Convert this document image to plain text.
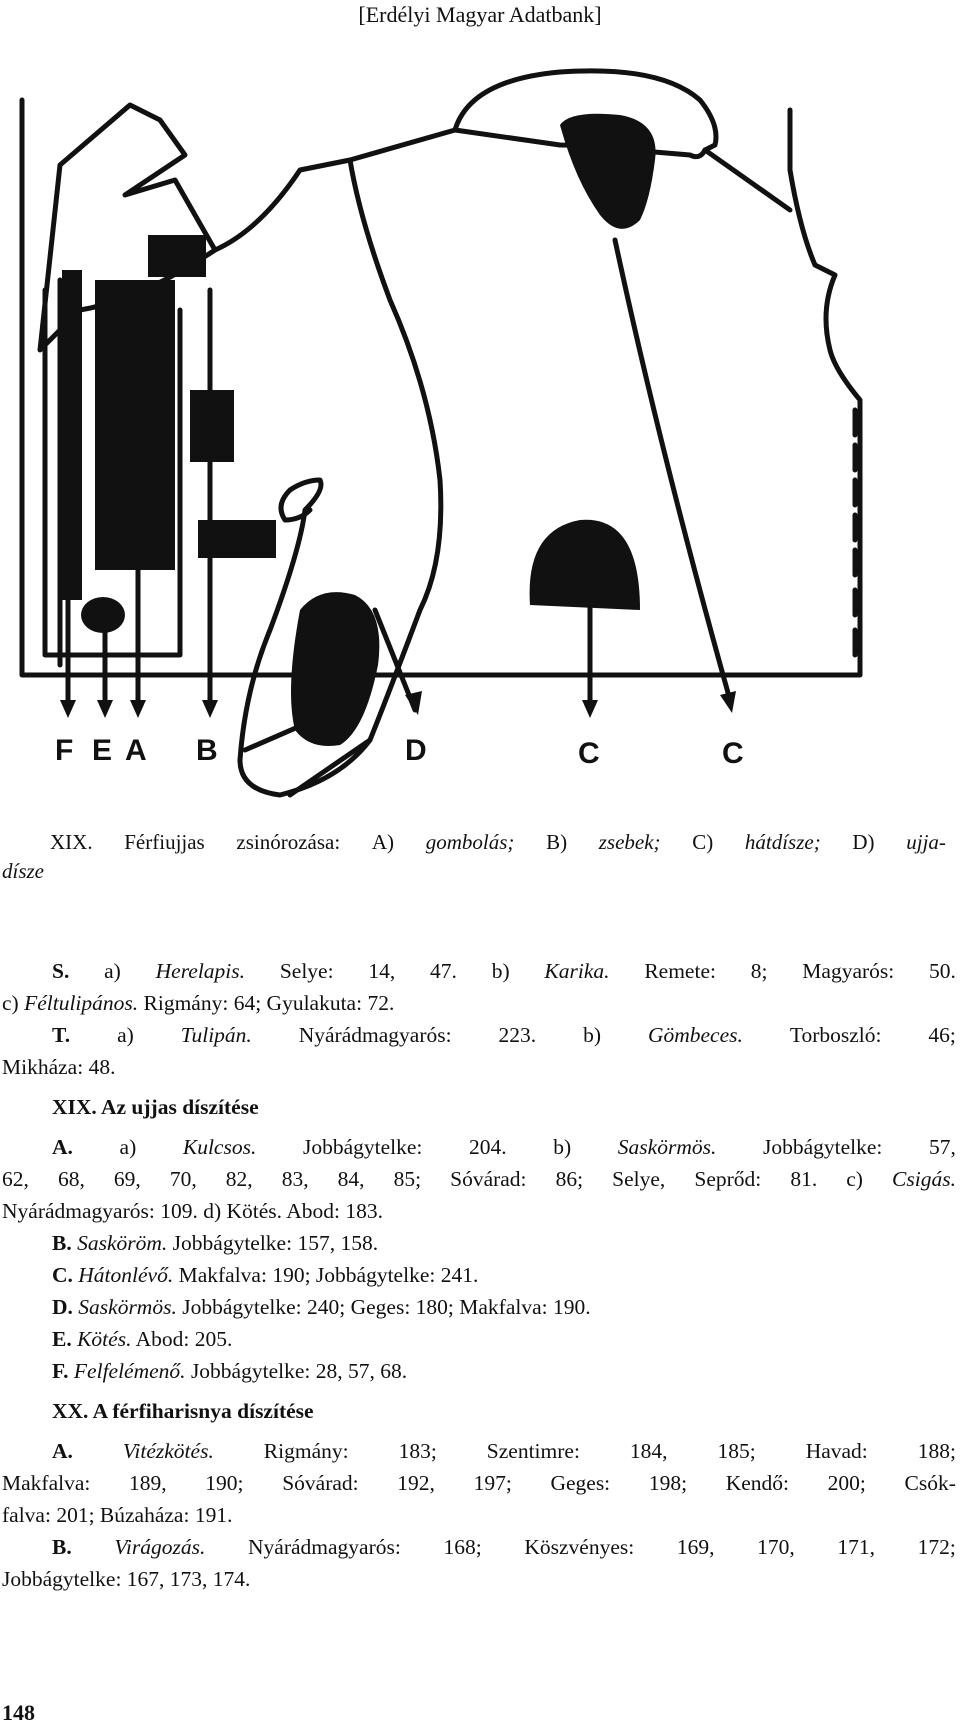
[Erdélyi Magyar Adatbank]
F E A B	D	C	C
XIX. Férfiujjas zsinórozása: A) gombolás; B) zsebek; C) hátdísze; D) ujja-
dísze
S. a) Herelapis. Selye: 14, 47. b) Karika. Remete: 8; Magyarós: 50.
c) Féltulipános. Rigmány: 64; Gyulakuta: 72.
T. a) Tulipán. Nyárádmagyarós: 223. b) Gömbeces. Torboszló: 46;
Mikháza: 48.
XIX. Az ujjas díszítése
A. a) Kulcsos. Jobbágytelke: 204. b) Saskörmös. Jobbágytelke: 57,
62, 68, 69, 70, 82, 83, 84, 85; Sóvárad: 86; Selye, Seprőd: 81. c) Csigás.
Nyárádmagyarós: 109. d) Kötés. Abod: 183.
B. Sasköröm. Jobbágytelke: 157, 158.
C. Hátonlévő. Makfalva: 190; Jobbágytelke: 241.
D. Saskörmös. Jobbágytelke: 240; Geges: 180; Makfalva: 190.
E. Kötés. Abod: 205.
F. Felfelémenő. Jobbágytelke: 28, 57, 68.
XX. A férfiharisnya díszítése
A. Vitézkötés. Rigmány: 183; Szentimre: 184, 185; Havad: 188;
Makfalva: 189, 190; Sóvárad: 192, 197; Geges: 198; Kendő: 200; Csók-
falva: 201; Búzaháza: 191.
B. Virágozás. Nyárádmagyarós: 168; Köszvényes: 169, 170, 171, 172;
Jobbágytelke: 167, 173, 174.
148
